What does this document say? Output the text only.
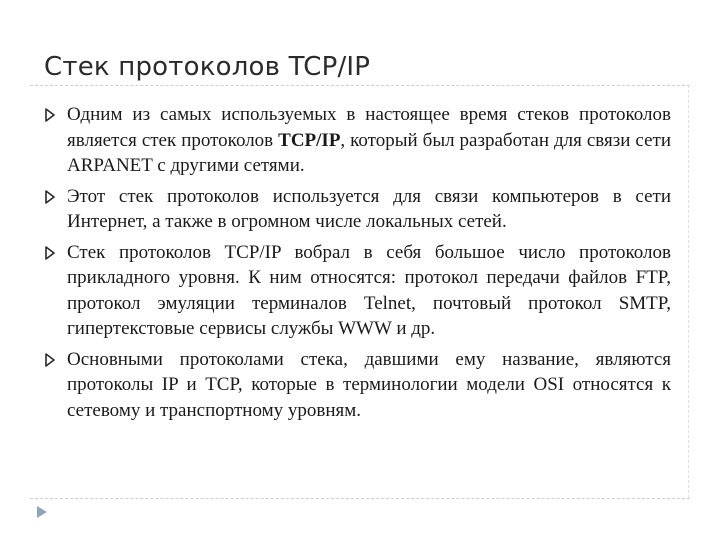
Стек протоколов TCP/IP
Одним из самых используемых в настоящее время стеков протоколов является стек протоколов TCP/IP, который был разработан для связи сети ARPANET с другими сетями.
Этот стек протоколов используется для связи компьютеров в сети Интернет, а также в огромном числе локальных сетей.
Стек протоколов TCP/IP вобрал в себя большое число протоколов прикладного уровня. К ним относятся: протокол передачи файлов FTP, протокол эмуляции терминалов Telnet, почтовый протокол SMTP, гипертекстовые сервисы службы WWW и др.
Основными протоколами стека, давшими ему название, являются протоколы IP и TCP, которые в терминологии модели OSI относятся к сетевому и транспортному уровням.
